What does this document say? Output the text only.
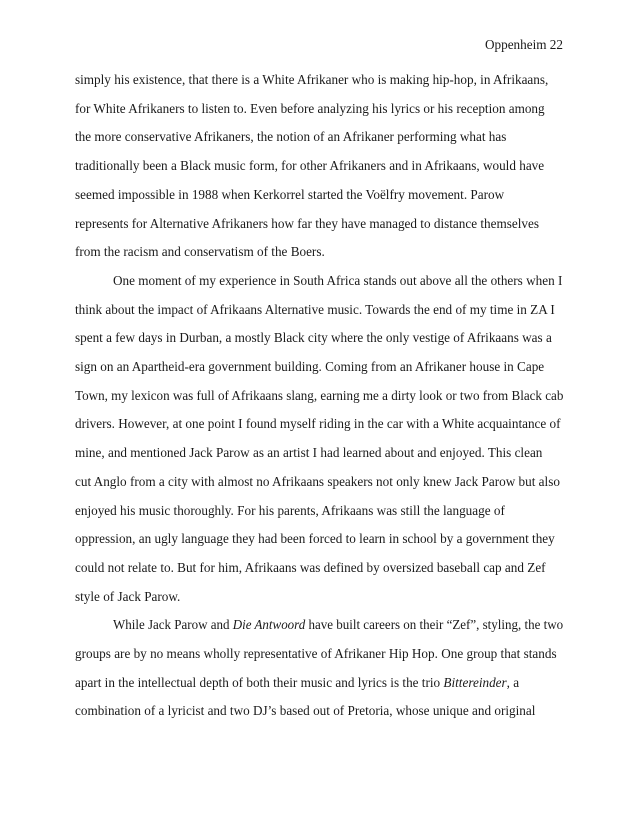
Oppenheim 22
simply his existence, that there is a White Afrikaner who is making hip-hop, in Afrikaans,
for White Afrikaners to listen to. Even before analyzing his lyrics or his reception among
the more conservative Afrikaners, the notion of an Afrikaner performing what has
traditionally been a Black music form, for other Afrikaners and in Afrikaans, would have
seemed impossible in 1988 when Kerkorrel started the Voëlfry movement. Parow
represents for Alternative Afrikaners how far they have managed to distance themselves
from the racism and conservatism of the Boers.
One moment of my experience in South Africa stands out above all the others when I
think about the impact of Afrikaans Alternative music. Towards the end of my time in ZA I
spent a few days in Durban, a mostly Black city where the only vestige of Afrikaans was a
sign on an Apartheid-era government building. Coming from an Afrikaner house in Cape
Town, my lexicon was full of Afrikaans slang, earning me a dirty look or two from Black cab
drivers. However, at one point I found myself riding in the car with a White acquaintance of
mine, and mentioned Jack Parow as an artist I had learned about and enjoyed. This clean
cut Anglo from a city with almost no Afrikaans speakers not only knew Jack Parow but also
enjoyed his music thoroughly. For his parents, Afrikaans was still the language of
oppression, an ugly language they had been forced to learn in school by a government they
could not relate to. But for him, Afrikaans was defined by oversized baseball cap and Zef
style of Jack Parow.
While Jack Parow and Die Antwoord have built careers on their “Zef”, styling, the two
groups are by no means wholly representative of Afrikaner Hip Hop. One group that stands
apart in the intellectual depth of both their music and lyrics is the trio Bittereinder, a
combination of a lyricist and two DJ’s based out of Pretoria, whose unique and original
